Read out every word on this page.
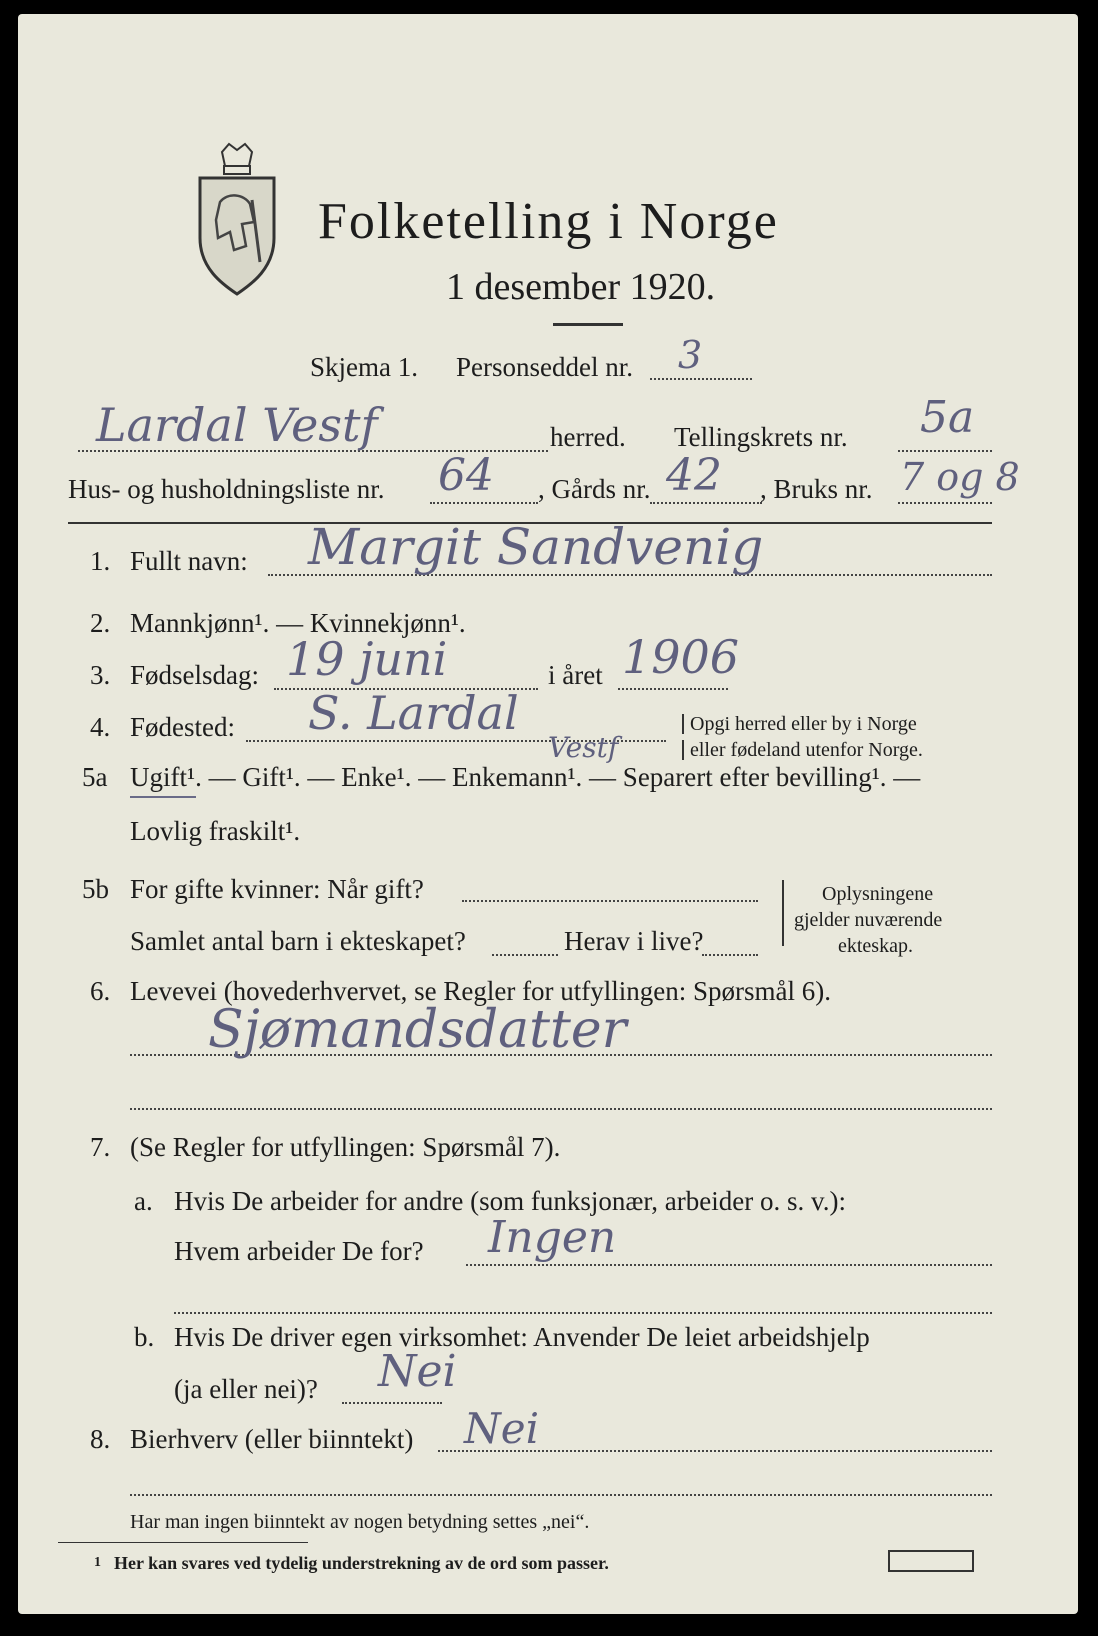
Folketelling i Norge
1 desember 1920.
Skjema 1. Personseddel nr. 3
Lardal Vestf	herred. Tellingskrets nr. 5a
Hus- og husholdningsliste nr. 64 , Gårds nr. 42 , Bruks nr. 7 og 8
1. Fullt navn: Margit Sandvenig
2. Mannkjønn¹. — Kvinnekjønn¹.
3. Fødselsdag: 19 juni	i året 1906
4. Fødested: S. Lardal
Vestf
Opgi herred eller by i Norge
eller fødeland utenfor Norge.
5a Ugift¹. — Gift¹. — Enke¹. — Enkemann¹. — Separert efter bevilling¹. —
Lovlig fraskilt¹.
5b For gifte kvinner: Når gift?
Samlet antal barn i ekteskapet?	Herav i live?
Oplysningene
gjelder nuværende
ekteskap.
6. Levevei (hovederhvervet, se Regler for utfyllingen: Spørsmål 6).
Sjømandsdatter
7. (Se Regler for utfyllingen: Spørsmål 7).
a. Hvis De arbeider for andre (som funksjonær, arbeider o. s. v.):
Hvem arbeider De for? Ingen
b. Hvis De driver egen virksomhet: Anvender De leiet arbeidshjelp
(ja eller nei)? Nei
8. Bierhverv (eller biinntekt) Nei
Har man ingen biinntekt av nogen betydning settes „nei“.
1 Her kan svares ved tydelig understrekning av de ord som passer.
